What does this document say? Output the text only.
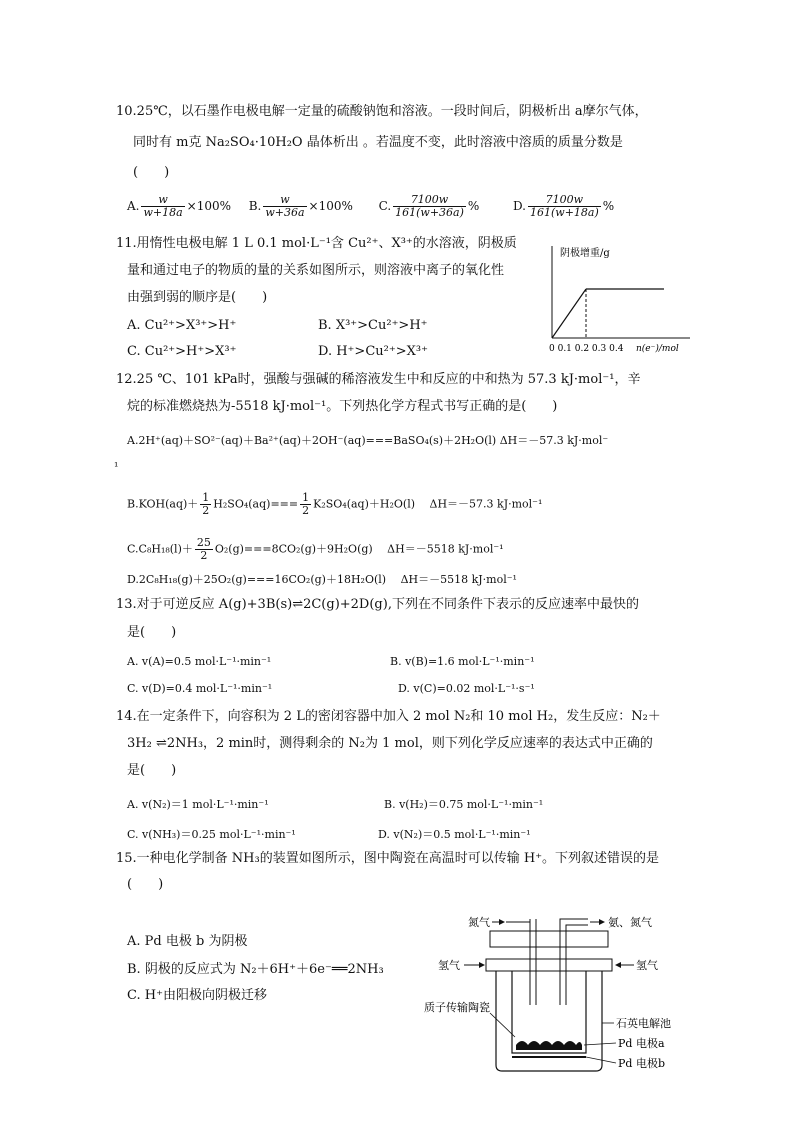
10.25℃，以石墨作电极电解一定量的硫酸钠饱和溶液。一段时间后，阴极析出 a摩尔气体，
同时有 m克 Na₂SO₄·10H₂O 晶体析出 。若温度不变，此时溶液中溶质的质量分数是
(　　)
A. $\frac{w}{w+18a} \times 100\%$ B. $\frac{w}{w+36a} \times 100\%$ C. $\frac{7100w}{161(w+36a)}$ %	D. $\frac{7100w}{161(w+18a)}$ %
11.用惰性电极电解 1 L 0.1 mol·L⁻¹含 Cu²⁺、X³⁺的水溶液，阴极质
量和通过电子的物质的量的关系如图所示，则溶液中离子的氧化性
由强到弱的顺序是(　　)
A. Cu²⁺>X³⁺>H⁺	B. X³⁺>Cu²⁺>H⁺
C. Cu²⁺>H⁺>X³⁺	D. H⁺>Cu²⁺>X³⁺
阴极增重/g
0 0.1 0.2 0.3 0.4 n(e⁻)/mol
12.25 ℃、101 kPa时，强酸与强碱的稀溶液发生中和反应的中和热为 57.3 kJ·mol⁻¹，辛
烷的标准燃烧热为-5518 kJ·mol⁻¹。下列热化学方程式书写正确的是(　　)
A.2H⁺(aq)＋SO²⁻(aq)＋Ba²⁺(aq)＋2OH⁻(aq)===BaSO₄(s)＋2H₂O(l) ΔH＝－57.3 kJ·mol⁻
¹
$B.KOH(aq)+ \frac{1}{2} H_2SO_4(aq)=== \frac{1}{2} K_2SO_4(aq)+H_2O(l)$　 ΔH＝－57.3 kJ·mol⁻¹
$C.C_8H_{18}(l)+ \frac{25}{2} O_2(g)===8CO_2(g)+9H_2O(g)$　 ΔH＝－5518 kJ·mol⁻¹
D.2C₈H₁₈(g)＋25O₂(g)===16CO₂(g)＋18H₂O(l)　 ΔH＝－5518 kJ·mol⁻¹
13.对于可逆反应 A(g)+3B(s)⇌2C(g)+2D(g),下列在不同条件下表示的反应速率中最快的
是(　　)
A. v(A)=0.5 mol·L⁻¹·min⁻¹	B. v(B)=1.6 mol·L⁻¹·min⁻¹
C. v(D)=0.4 mol·L⁻¹·min⁻¹	D. v(C)=0.02 mol·L⁻¹·s⁻¹
14.在一定条件下，向容积为 2 L的密闭容器中加入 2 mol N₂和 10 mol H₂，发生反应：N₂＋
3H₂ ⇌2NH₃，2 min时，测得剩余的 N₂为 1 mol，则下列化学反应速率的表达式中正确的
是(　　)
A. v(N₂)＝1 mol·L⁻¹·min⁻¹	B. v(H₂)＝0.75 mol·L⁻¹·min⁻¹
C. v(NH₃)＝0.25 mol·L⁻¹·min⁻¹	D. v(N₂)＝0.5 mol·L⁻¹·min⁻¹
15.一种电化学制备 NH₃的装置如图所示，图中陶瓷在高温时可以传输 H⁺。下列叙述错误的是
(　　)
A. Pd 电极 b 为阴极
B. 阴极的反应式为 N₂＋6H⁺＋6e⁻══2NH₃
C. H⁺由阳极向阴极迁移
氮气	氨、氮气
氢气	氢气
质子传输陶瓷
石英电解池
Pd 电极a
Pd 电极b
